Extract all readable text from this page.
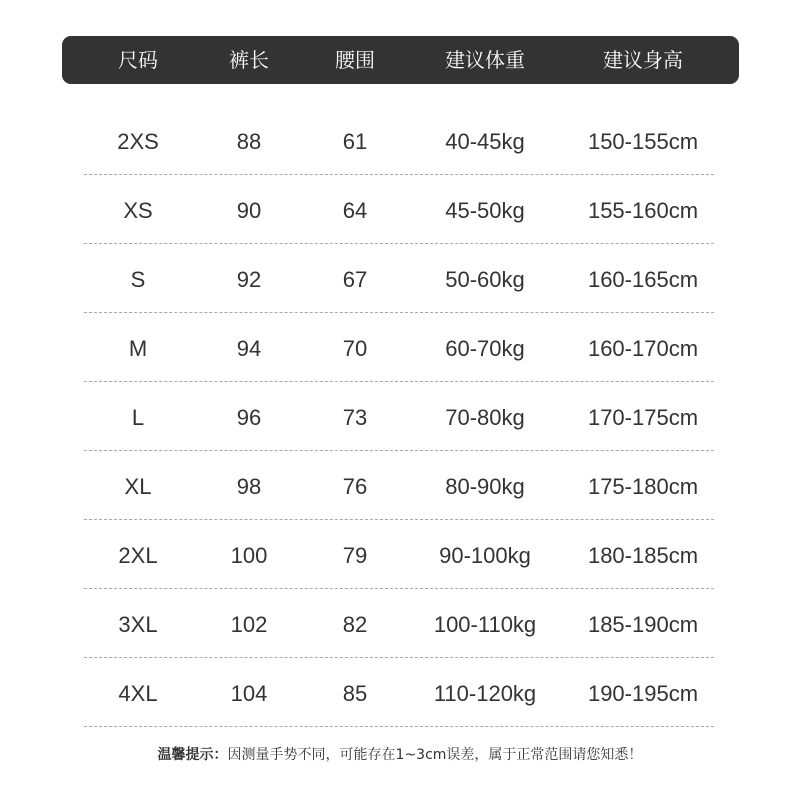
尺码	裤长	腰围	建议体重	建议身高
2XS	88	61	40-45kg	150-155cm
XS	90	64	45-50kg	155-160cm
S	92	67	50-60kg	160-165cm
M	94	70	60-70kg	160-170cm
L	96	73	70-80kg	170-175cm
XL	98	76	80-90kg	175-180cm
2XL	100	79	90-100kg	180-185cm
3XL	102	82	100-110kg 185-190cm
4XL	104	85	110-120kg 190-195cm
温馨提示：因测量手势不同，可能存在1~3cm误差，属于正常范围请您知悉！
